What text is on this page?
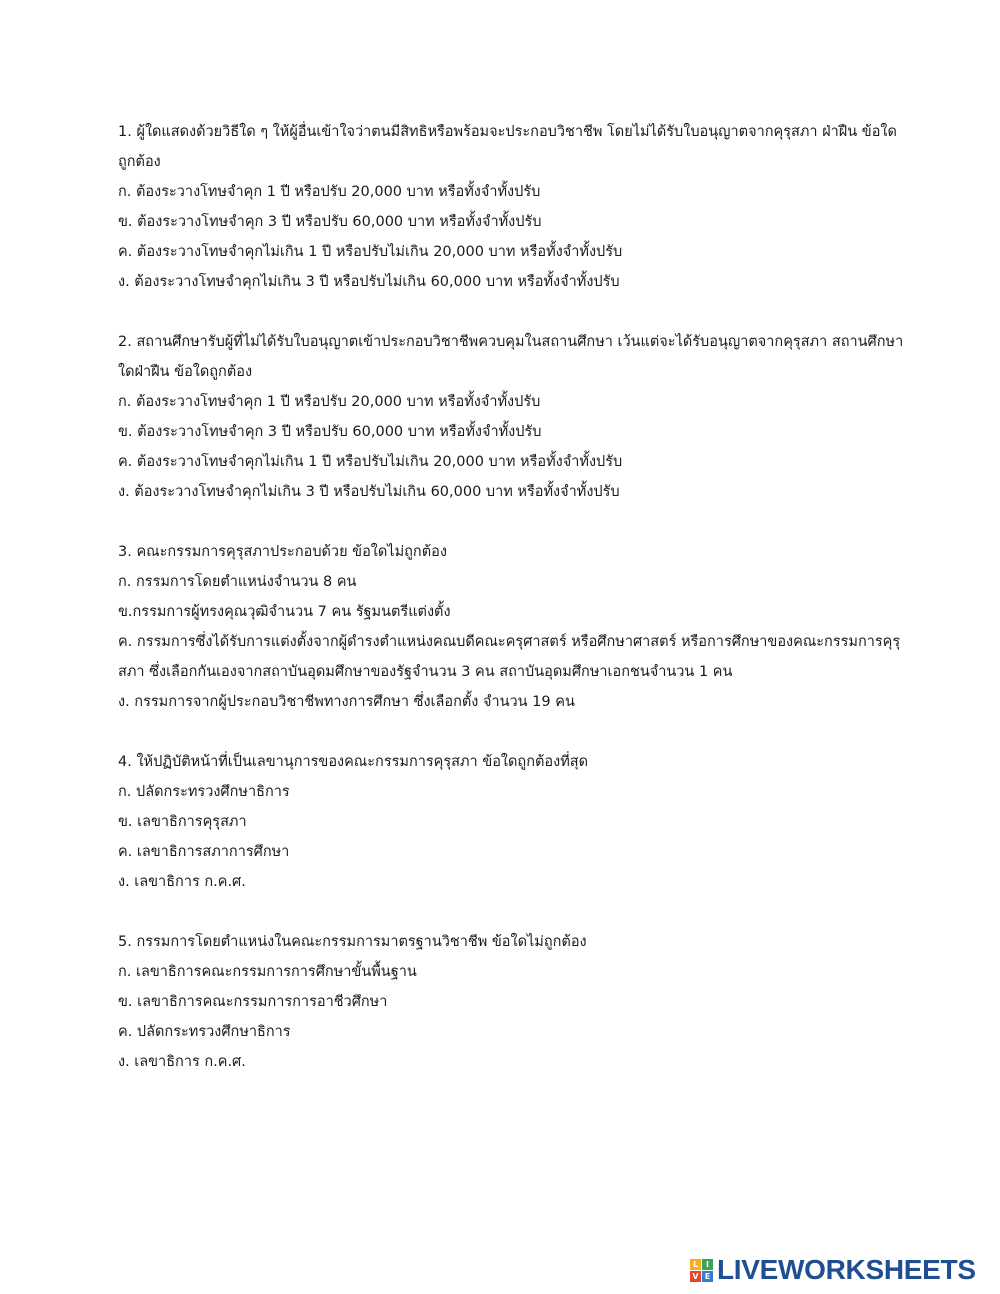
1. ผู้ใดแสดงด้วยวิธีใด ๆ ให้ผู้อื่นเข้าใจว่าตนมีสิทธิหรือพร้อมจะประกอบวิชาชีพ โดยไม่ได้รับใบอนุญาตจากคุรุสภา ฝ่าฝืน ข้อใด
ถูกต้อง
ก. ต้องระวางโทษจำคุก 1 ปี หรือปรับ 20,000 บาท หรือทั้งจำทั้งปรับ
ข. ต้องระวางโทษจำคุก 3 ปี หรือปรับ 60,000 บาท หรือทั้งจำทั้งปรับ
ค. ต้องระวางโทษจำคุกไม่เกิน 1 ปี หรือปรับไม่เกิน 20,000 บาท หรือทั้งจำทั้งปรับ
ง. ต้องระวางโทษจำคุกไม่เกิน 3 ปี หรือปรับไม่เกิน 60,000 บาท หรือทั้งจำทั้งปรับ
2. สถานศึกษารับผู้ที่ไม่ได้รับใบอนุญาตเข้าประกอบวิชาชีพควบคุมในสถานศึกษา เว้นแต่จะได้รับอนุญาตจากคุรุสภา สถานศึกษา
ใดฝ่าฝืน ข้อใดถูกต้อง
ก. ต้องระวางโทษจำคุก 1 ปี หรือปรับ 20,000 บาท หรือทั้งจำทั้งปรับ
ข. ต้องระวางโทษจำคุก 3 ปี หรือปรับ 60,000 บาท หรือทั้งจำทั้งปรับ
ค. ต้องระวางโทษจำคุกไม่เกิน 1 ปี หรือปรับไม่เกิน 20,000 บาท หรือทั้งจำทั้งปรับ
ง. ต้องระวางโทษจำคุกไม่เกิน 3 ปี หรือปรับไม่เกิน 60,000 บาท หรือทั้งจำทั้งปรับ
3. คณะกรรมการคุรุสภาประกอบด้วย ข้อใดไม่ถูกต้อง
ก. กรรมการโดยตำแหน่งจำนวน 8 คน
ข.กรรมการผู้ทรงคุณวุฒิจำนวน 7 คน รัฐมนตรีแต่งตั้ง
ค. กรรมการซึ่งได้รับการแต่งตั้งจากผู้ดำรงตำแหน่งคณบดีคณะครุศาสตร์ หรือศึกษาศาสตร์ หรือการศึกษาของคณะกรรมการคุรุ
สภา ซึ่งเลือกกันเองจากสถาบันอุดมศึกษาของรัฐจำนวน 3 คน สถาบันอุดมศึกษาเอกชนจำนวน 1 คน
ง. กรรมการจากผู้ประกอบวิชาชีพทางการศึกษา ซึ่งเลือกตั้ง จำนวน 19 คน
4. ให้ปฏิบัติหน้าที่เป็นเลขานุการของคณะกรรมการคุรุสภา ข้อใดถูกต้องที่สุด
ก. ปลัดกระทรวงศึกษาธิการ
ข. เลขาธิการคุรุสภา
ค. เลขาธิการสภาการศึกษา
ง. เลขาธิการ ก.ค.ศ.
5. กรรมการโดยตำแหน่งในคณะกรรมการมาตรฐานวิชาชีพ ข้อใดไม่ถูกต้อง
ก. เลขาธิการคณะกรรมการการศึกษาขั้นพื้นฐาน
ข. เลขาธิการคณะกรรมการการอาชีวศึกษา
ค. ปลัดกระทรวงศึกษาธิการ
ง. เลขาธิการ ก.ค.ศ.
L I
V E LIVEWORKSHEETS
